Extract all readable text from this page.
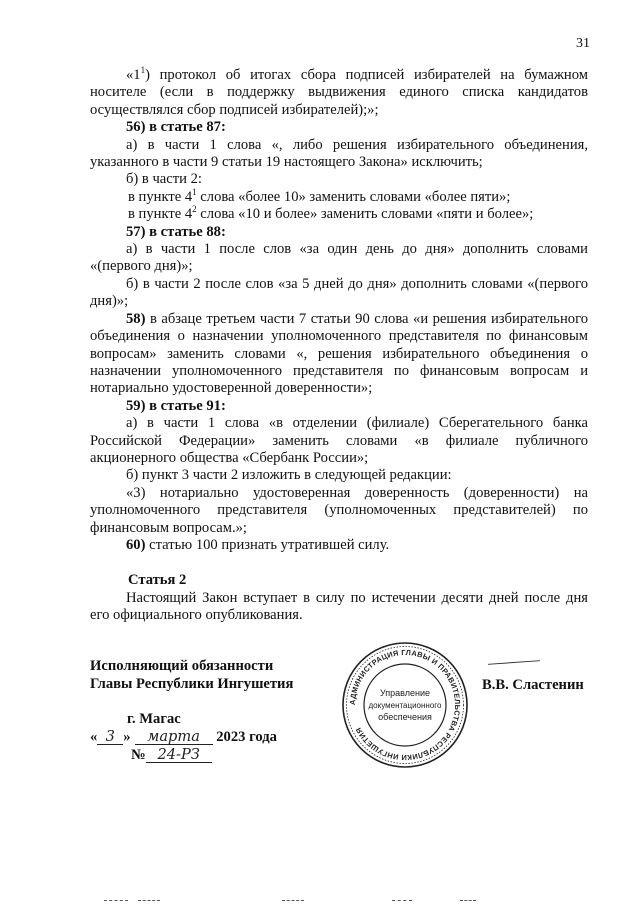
31

«$1^1$) протокол об итогах сбора подписей избирателей на бумажном носителе (если в поддержку выдвижения единого списка кандидатов осуществлялся сбор подписей избирателей);»;

56) в статье 87:

а) в части 1 слова «, либо решения избирательного объединения, указанного в части 9 статьи 19 настоящего Закона» исключить;

б) в части 2:

в пункте $4^1$ слова «более 10» заменить словами «более пяти»;

в пункте $4^2$ слова «10 и более» заменить словами «пяти и более»;

57) в статье 88:

а) в части 1 после слов «за один день до дня» дополнить словами «(первого дня)»;

б) в части 2 после слов «за 5 дней до дня» дополнить словами «(первого дня)»;

58) в абзаце третьем части 7 статьи 90 слова «и решения избирательного объединения о назначении уполномоченного представителя по финансовым вопросам» заменить словами «, решения избирательного объединения о назначении уполномоченного представителя по финансовым вопросам и нотариально удостоверенной доверенности»;

59) в статье 91:

а) в части 1 слова «в отделении (филиале) Сберегательного банка Российской Федерации» заменить словами «в филиале публичного акционерного общества «Сбербанк России»;

б) пункт 3 части 2 изложить в следующей редакции:

«3) нотариально удостоверенная доверенность (доверенности) на уполномоченного представителя (уполномоченных представителей) по финансовым вопросам.»;

60) статью 100 признать утратившей силу.

Статья 2

Настоящий Закон вступает в силу по истечении десяти дней после дня его официального опубликования.

Исполняющий обязанности
Главы Республики Ингушетия	В.В. Сластенин
г. Магас
« 3 » марта 2023 года
№ 24-РЗ
АДМИНИСТРАЦИЯ ГЛАВЫ И ПРАВИТЕЛЬСТВА РЕСПУБЛИКИ ИНГУШЕТИЯ
Управление
документационного
обеспечения
